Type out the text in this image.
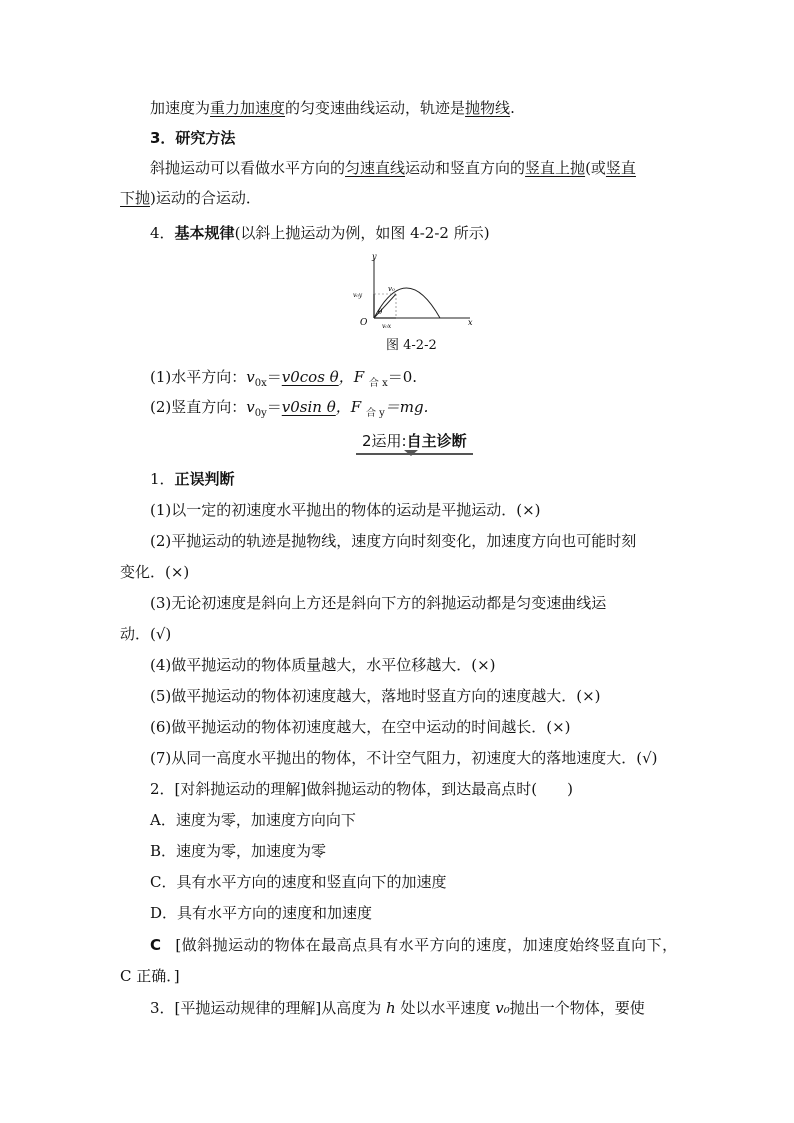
加速度为重力加速度的匀变速曲线运动，轨迹是抛物线.
3．研究方法
斜抛运动可以看做水平方向的匀速直线运动和竖直方向的竖直上抛(或竖直
下抛)运动的合运动．
4．基本规律(以斜上抛运动为例，如图 4-2-2 所示)
y
x
O
v₀
v₀y
v₀x
θ
图 4-2-2
(1)水平方向：$v_{0x}=v0\cos$ θ，F $_{合 x}$＝0.
(2)竖直方向：$v_{0y}=v0\sin$ θ，F $_{合 y}$＝mg.
2运用:自主诊断
1．正误判断
(1)以一定的初速度水平抛出的物体的运动是平抛运动．(×)
(2)平抛运动的轨迹是抛物线，速度方向时刻变化，加速度方向也可能时刻
变化．(×)
(3)无论初速度是斜向上方还是斜向下方的斜抛运动都是匀变速曲线运
动．(√)
(4)做平抛运动的物体质量越大，水平位移越大．(×)
(5)做平抛运动的物体初速度越大，落地时竖直方向的速度越大．(×)
(6)做平抛运动的物体初速度越大，在空中运动的时间越长．(×)
(7)从同一高度水平抛出的物体，不计空气阻力，初速度大的落地速度大．(√)
2．[对斜抛运动的理解]做斜抛运动的物体，到达最高点时(　　)
A．速度为零，加速度方向向下
B．速度为零，加速度为零
C．具有水平方向的速度和竖直向下的加速度
D．具有水平方向的速度和加速度
C [做斜抛运动的物体在最高点具有水平方向的速度，加速度始终竖直向下，
C 正确．]
3．[平抛运动规律的理解]从高度为 h 处以水平速度 v₀抛出一个物体，要使
